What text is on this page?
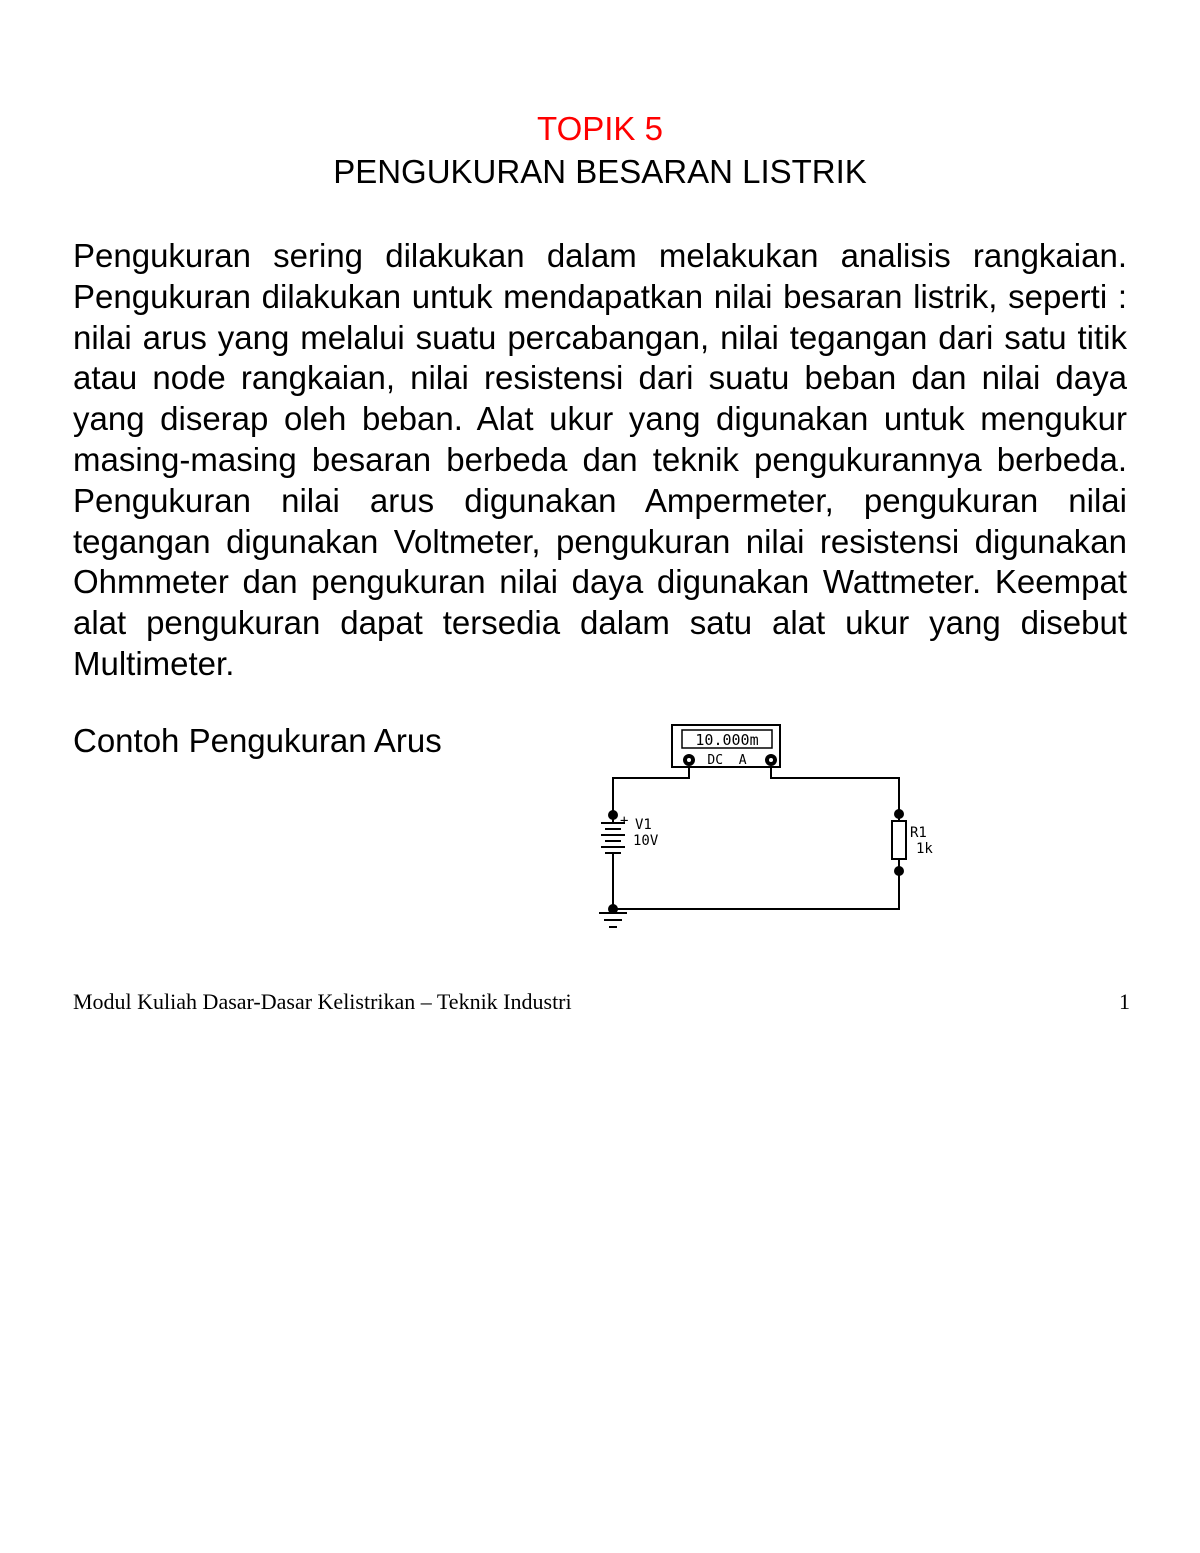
TOPIK 5
PENGUKURAN BESARAN LISTRIK
Pengukuran sering dilakukan dalam melakukan analisis rangkaian. Pengukuran dilakukan untuk mendapatkan nilai besaran listrik, seperti : nilai arus yang melalui suatu percabangan, nilai tegangan dari satu titik atau node rangkaian, nilai resistensi dari suatu beban dan nilai daya yang diserap oleh beban. Alat ukur yang digunakan untuk mengukur masing-masing besaran berbeda dan teknik pengukurannya berbeda. Pengukuran nilai arus digunakan Ampermeter, pengukuran nilai tegangan digunakan Voltmeter, pengukuran nilai resistensi digunakan Ohmmeter dan pengukuran nilai daya digunakan Wattmeter. Keempat alat pengukuran dapat tersedia dalam satu alat ukur yang disebut Multimeter.
Contoh Pengukuran Arus	10.000m
DC  A
+ V1
10V	R1
1k
Modul Kuliah Dasar-Dasar Kelistrikan – Teknik Industri	1
